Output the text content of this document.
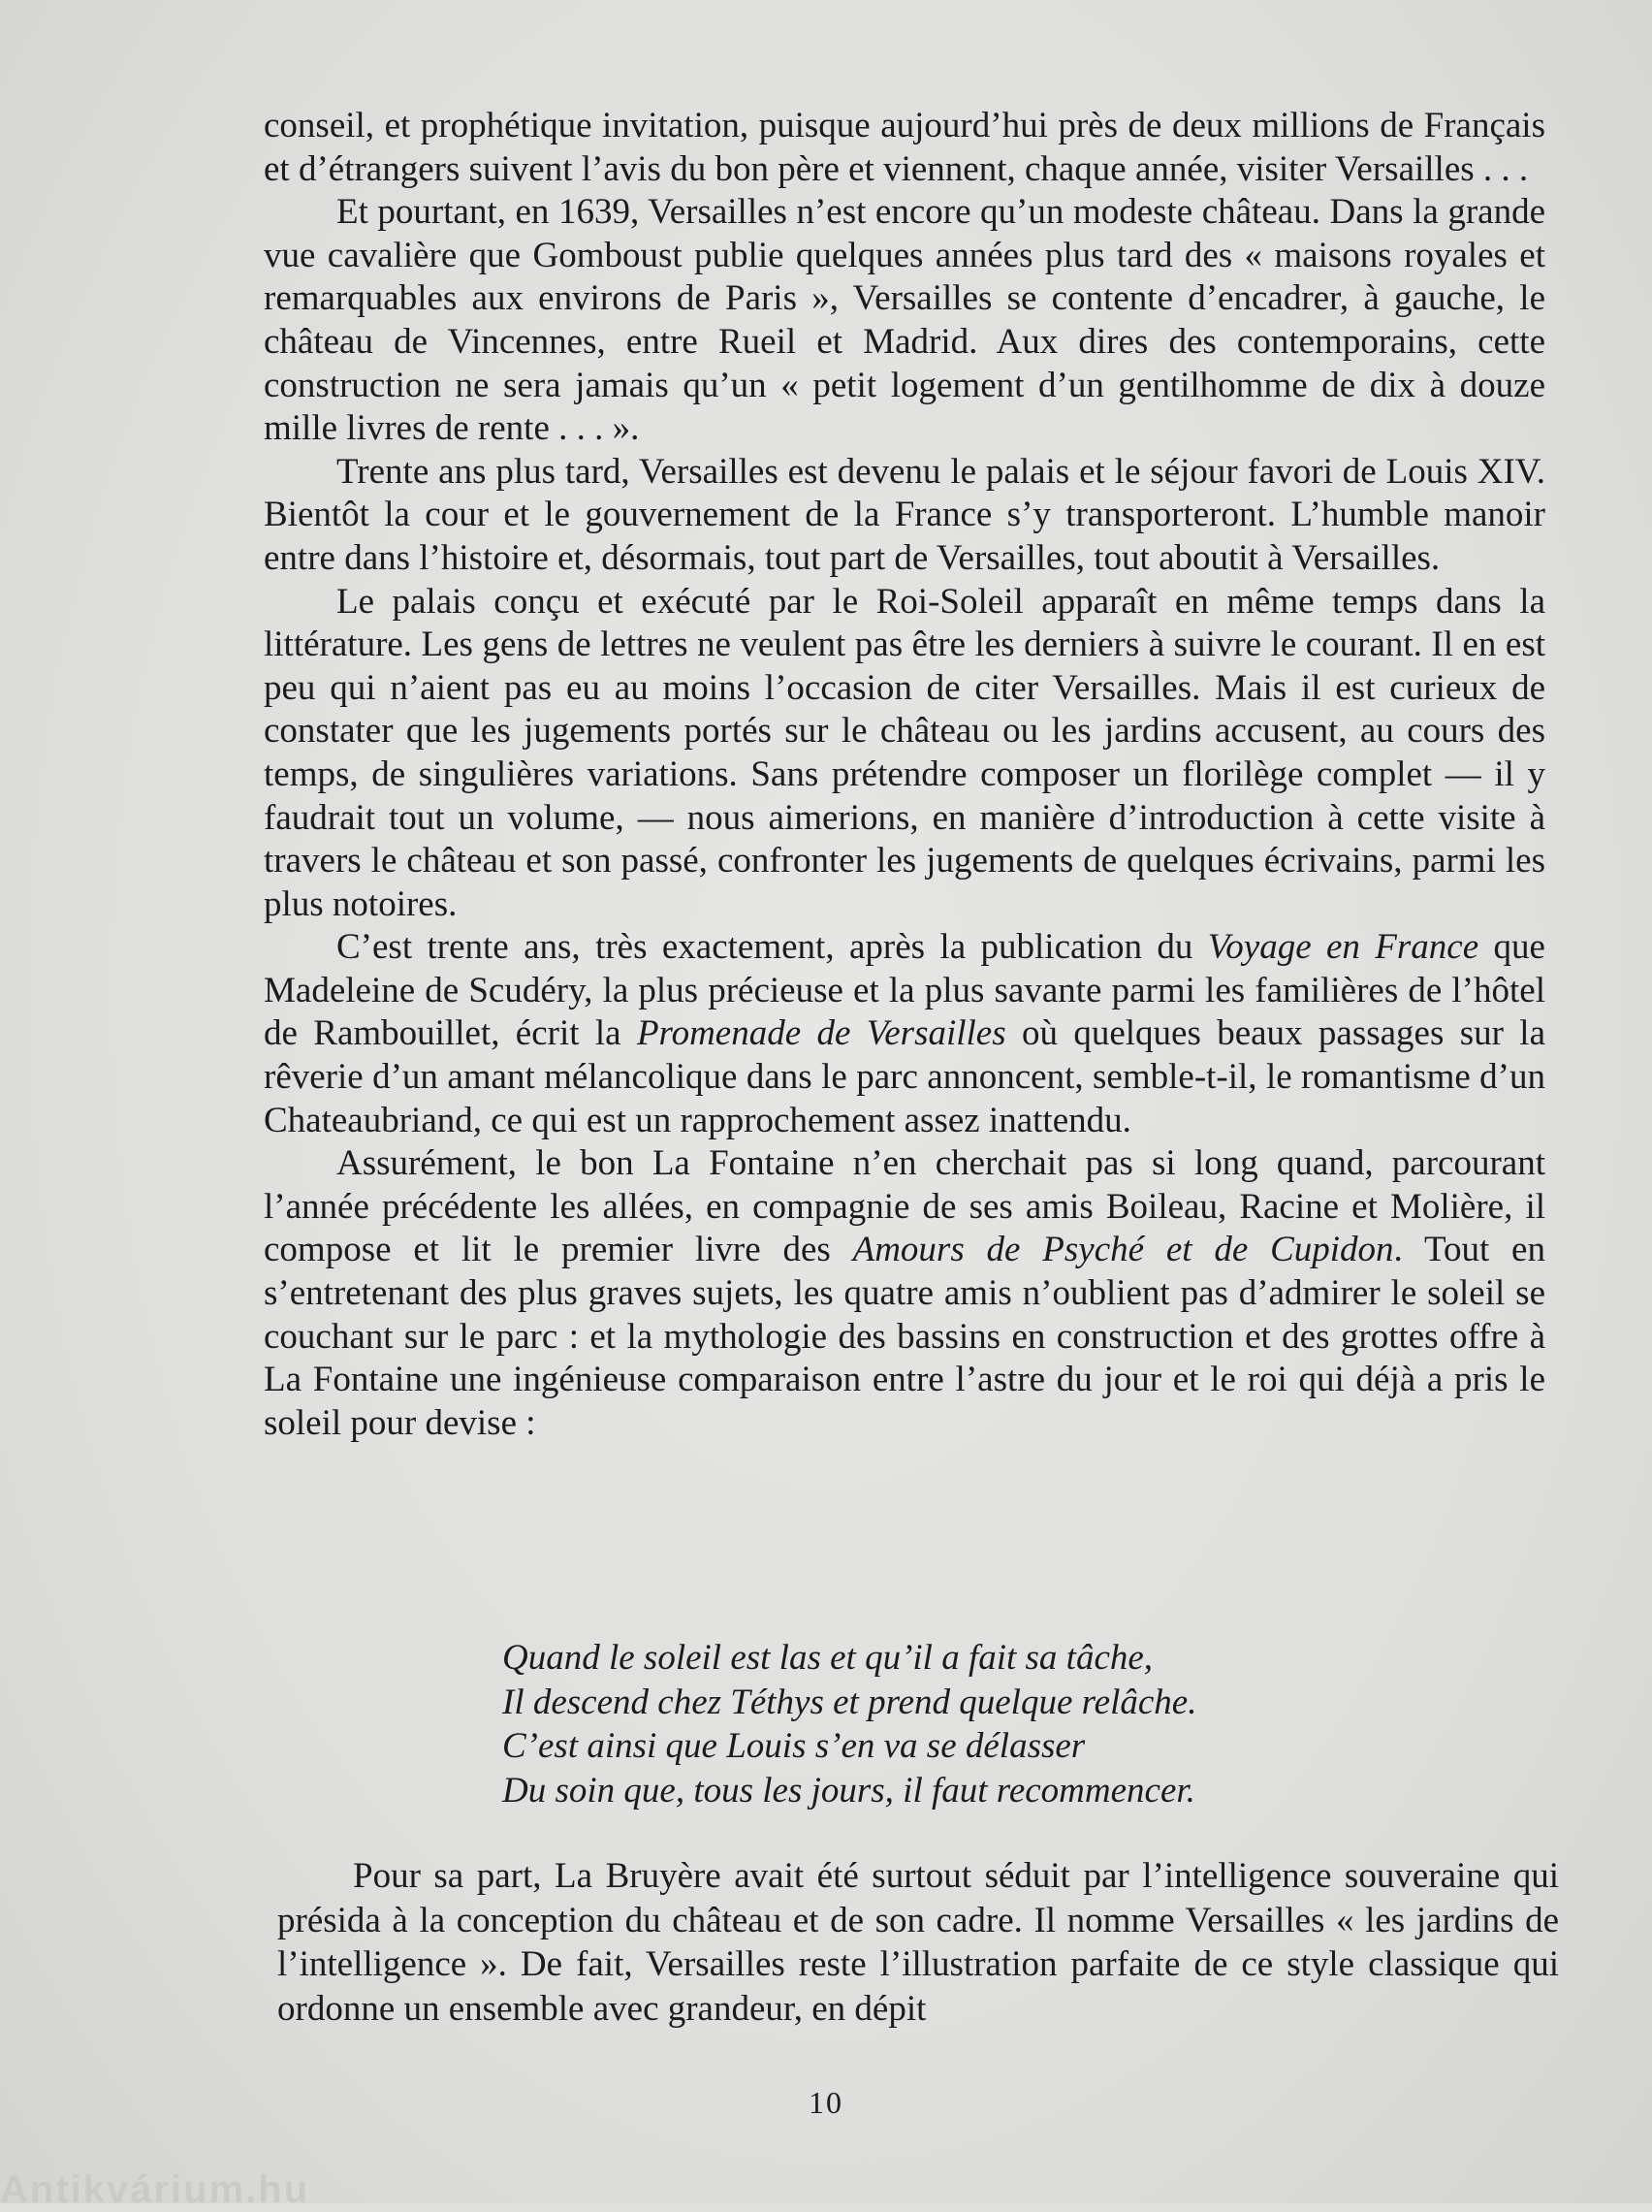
conseil, et prophétique invitation, puisque aujourd’hui près de deux millions de Français et d’étrangers suivent l’avis du bon père et viennent, chaque année, visiter Versailles . . .

Et pourtant, en 1639, Versailles n’est encore qu’un modeste château. Dans la grande vue cavalière que Gomboust publie quelques années plus tard des « maisons royales et remarquables aux environs de Paris », Versailles se contente d’encadrer, à gauche, le château de Vincennes, entre Rueil et Madrid. Aux dires des contemporains, cette construction ne sera jamais qu’un « petit logement d’un gentilhomme de dix à douze mille livres de rente . . . ».

Trente ans plus tard, Versailles est devenu le palais et le séjour favori de Louis XIV. Bientôt la cour et le gouvernement de la France s’y transporteront. L’humble manoir entre dans l’histoire et, désormais, tout part de Versailles, tout aboutit à Versailles.

Le palais conçu et exécuté par le Roi-Soleil apparaît en même temps dans la littérature. Les gens de lettres ne veulent pas être les derniers à suivre le courant. Il en est peu qui n’aient pas eu au moins l’occasion de citer Versailles. Mais il est curieux de constater que les jugements portés sur le château ou les jardins accusent, au cours des temps, de singulières variations. Sans prétendre composer un florilège complet — il y faudrait tout un volume, — nous aimerions, en manière d’introduction à cette visite à travers le château et son passé, confronter les jugements de quelques écrivains, parmi les plus notoires.

C’est trente ans, très exactement, après la publication du Voyage en France que Madeleine de Scudéry, la plus précieuse et la plus savante parmi les familières de l’hôtel de Rambouillet, écrit la Promenade de Versailles où quelques beaux passages sur la rêverie d’un amant mélancolique dans le parc annoncent, semble-t-il, le romantisme d’un Chateaubriand, ce qui est un rapprochement assez inattendu.

Assurément, le bon La Fontaine n’en cherchait pas si long quand, parcourant l’année précédente les allées, en compagnie de ses amis Boileau, Racine et Molière, il compose et lit le premier livre des Amours de Psyché et de Cupidon. Tout en s’entretenant des plus graves sujets, les quatre amis n’oublient pas d’admirer le soleil se couchant sur le parc : et la mythologie des bassins en construction et des grottes offre à La Fontaine une ingénieuse comparaison entre l’astre du jour et le roi qui déjà a pris le soleil pour devise :

Quand le soleil est las et qu’il a fait sa tâche,
Il descend chez Téthys et prend quelque relâche.
C’est ainsi que Louis s’en va se délasser
Du soin que, tous les jours, il faut recommencer.

Pour sa part, La Bruyère avait été surtout séduit par l’intelligence souveraine qui présida à la conception du château et de son cadre. Il nomme Versailles « les jardins de l’intelligence ». De fait, Versailles reste l’illustration parfaite de ce style classique qui ordonne un ensemble avec grandeur, en dépit

10
Antikvárium.hu
